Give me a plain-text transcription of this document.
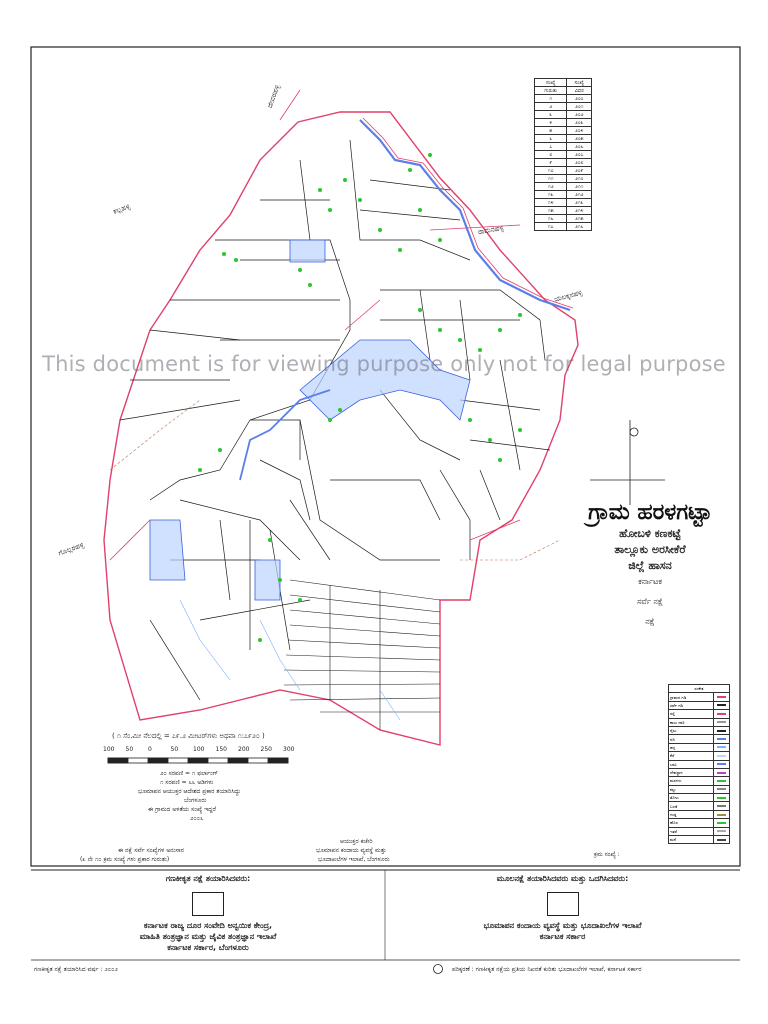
ದೇವರಹಳ್ಳಿ
ಕಲ್ಲಹಳ್ಳಿ
ರಾಮನಹಳ್ಳಿ
ಗೊಲ್ಲರಹಳ್ಳಿ
ಯಲಕ್ಕನಹಳ್ಳಿ
ಸಂಖ್ಯೆ	ಸಂಖ್ಯೆ
ಗುರುತು	ವಿವರ
೧	೨೦೦
೨	೨೦೧
೩	೨೦೨
೪	೨೦೩
೫	೨೦೪
೬	೨೦೫
೭	೨೦೬
೮	೨೦೭
೯	೨೦೮
೧೦	೨೦೯
೧೧	೨೧೦
೧೨	೨೧೧
೧೩	೨೧೨
೧೪	೨೧೩
೧೫	೨೧೪
೧೬	೨೧೫
೧೭	೨೧೬
This document is for viewing purpose only not for legal purpose
ಗ್ರಾಮ ಹರಳಗಟ್ಟಾ
ಹೋಬಳಿ ಕಣಕಟ್ಟೆ
ತಾಲ್ಲೂಕು ಅರಸೀಕೆರೆ
ಜಿಲ್ಲೆ ಹಾಸನ
ಕರ್ನಾಟಕ
ಸರ್ವೆ ನಕ್ಷೆ
ನಕ್ಷೆ
( ೧ ಸೆಂ.ಮೀ ನೆಲದಲ್ಲಿ = ೭೯.೨ ಮೀಟರ್‌ಗಳು ಅಥವಾ ೧:೭೯೨೦ )
100 50 0	50 100 150 200 250 300
೨೦ ಸರಪಣಿ = ೧ ಫರ್ಲಾಂಗ್
೧ ಸರಪಣಿ = ೬೬ ಅಡಿಗಳು
ಭೂಮಾಪನ ಆಯುಕ್ತರ ಆದೇಶದ ಪ್ರಕಾರ ತಯಾರಿಸಿದ್ದು
ಬೆಂಗಳೂರು
ಈ ಗ್ರಾಮದ ಅಳತೆಯ ಸಂಖ್ಯೆ ಇದ್ದರೆ
೨೦೦೬
ಈ ನಕ್ಷೆ ಸರ್ವೆ ಸಂಖ್ಯೆಗಳ ಅನುಸಾರ
(೩ ನೇ ೧೦ ಕ್ರಮ ಸಂಖ್ಯೆ ಗಳು ಪ್ರಕಾರ ಗುರುತು)
ಆಯುಕ್ತರ ಕಚೇರಿ
ಭೂಮಾಪನ ಕಂದಾಯ ವ್ಯವಸ್ಥೆ ಮತ್ತು
ಭೂದಾಖಲೆಗಳ ಇಲಾಖೆ, ಬೆಂಗಳೂರು
ಕ್ರಮ ಸಂಖ್ಯೆ :
ಸಂಕೇತ	
ಗ್ರಾಮದ ಗಡಿ	

ಸರ್ವೆ ಗಡಿ	

ರಸ್ತೆ	

ಕಾಲು ದಾರಿ	

ರೈಲು	

ನದಿ	

ಹಳ್ಳ	

ಕೆರೆ	

ಬಾವಿ	

ದೇವಸ್ಥಾನ	

ಮರಗಳು	

ಕಲ್ಲು	

ತೋಟ	

ಬಂಡೆ	

ಗುಡ್ಡ	

ಹೊಲ	

ಇತರೆ	

ಮನೆ	
ಗಣಕೀಕೃತ ನಕ್ಷೆ ತಯಾರಿಸಿದವರು:
ಕರ್ನಾಟಕ ರಾಜ್ಯ ದೂರ ಸಂವೇದಿ ಅನ್ವಯಿಕ ಕೇಂದ್ರ,
ಮಾಹಿತಿ ತಂತ್ರಜ್ಞಾನ ಮತ್ತು ಜೈವಿಕ ತಂತ್ರಜ್ಞಾನ ಇಲಾಖೆ
ಕರ್ನಾಟಕ ಸರ್ಕಾರ, ಬೆಂಗಳೂರು
ಮೂಲನಕ್ಷೆ ತಯಾರಿಸಿದವರು ಮತ್ತು ಒದಗಿಸಿದವರು:
ಭೂಮಾಪನ ಕಂದಾಯ ವ್ಯವಸ್ಥೆ ಮತ್ತು ಭೂದಾಖಲೆಗಳ ಇಲಾಖೆ
ಕರ್ನಾಟಕ ಸರ್ಕಾರ
ಗಣಕೀಕೃತ ನಕ್ಷೆ ತಯಾರಿಸಿದ ವರ್ಷ : ೨೦೦೨	ಪರಿಕ್ಕರಣೆ : ಗಣಕೀಕೃತ ನಕ್ಷೆಯ ಪ್ರತಿಯ ನಿಖರತೆ ಕುರಿತು ಭೂದಾಖಲೆಗಳ ಇಲಾಖೆ, ಕರ್ನಾಟಕ ಸರ್ಕಾರ
